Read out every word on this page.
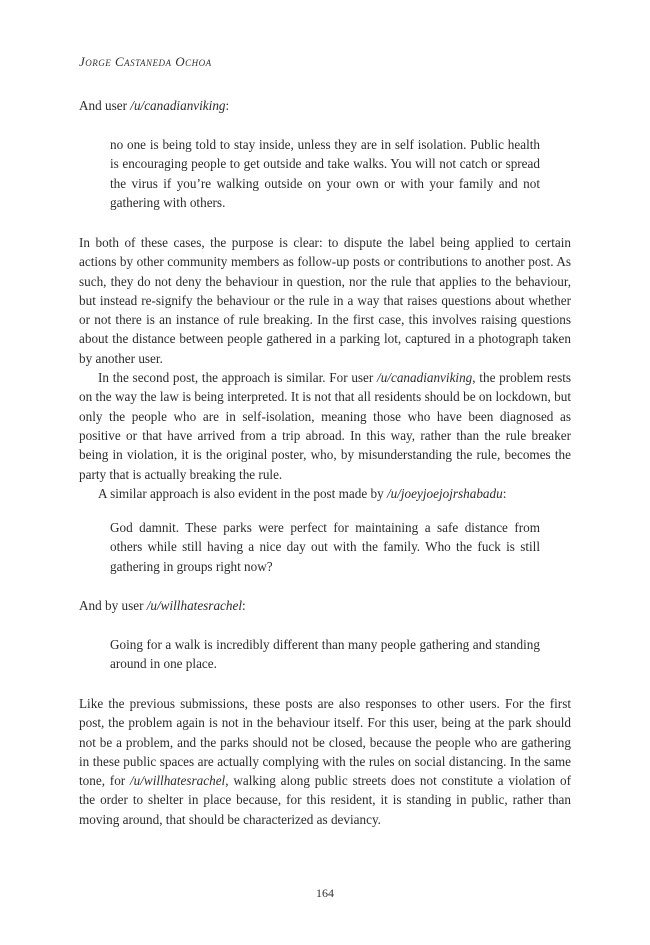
Jorge Castaneda Ochoa

And user /u/canadianviking:

no one is being told to stay inside, unless they are in self isolation. Public health is encouraging people to get outside and take walks. You will not catch or spread the virus if you’re walking outside on your own or with your family and not gathering with others.

In both of these cases, the purpose is clear: to dispute the label being applied to certain actions by other community members as follow-up posts or contributions to another post. As such, they do not deny the behaviour in question, nor the rule that applies to the behaviour, but instead re-signify the behaviour or the rule in a way that raises questions about whether or not there is an instance of rule breaking. In the first case, this involves raising questions about the distance between people gathered in a parking lot, captured in a photograph taken by another user.

In the second post, the approach is similar. For user /u/canadianviking, the problem rests on the way the law is being interpreted. It is not that all residents should be on lockdown, but only the people who are in self-isolation, meaning those who have been diagnosed as positive or that have arrived from a trip abroad. In this way, rather than the rule breaker being in violation, it is the original poster, who, by misunderstanding the rule, becomes the party that is actually breaking the rule.

A similar approach is also evident in the post made by /u/joeyjoejojrshabadu:

God damnit. These parks were perfect for maintaining a safe distance from others while still having a nice day out with the family. Who the fuck is still gathering in groups right now?

And by user /u/willhatesrachel:

Going for a walk is incredibly different than many people gathering and standing around in one place.

Like the previous submissions, these posts are also responses to other users. For the first post, the problem again is not in the behaviour itself. For this user, being at the park should not be a problem, and the parks should not be closed, because the people who are gathering in these public spaces are actually complying with the rules on social distancing. In the same tone, for /u/willhatesrachel, walking along public streets does not constitute a violation of the order to shelter in place because, for this resident, it is standing in public, rather than moving around, that should be characterized as deviancy.

164
